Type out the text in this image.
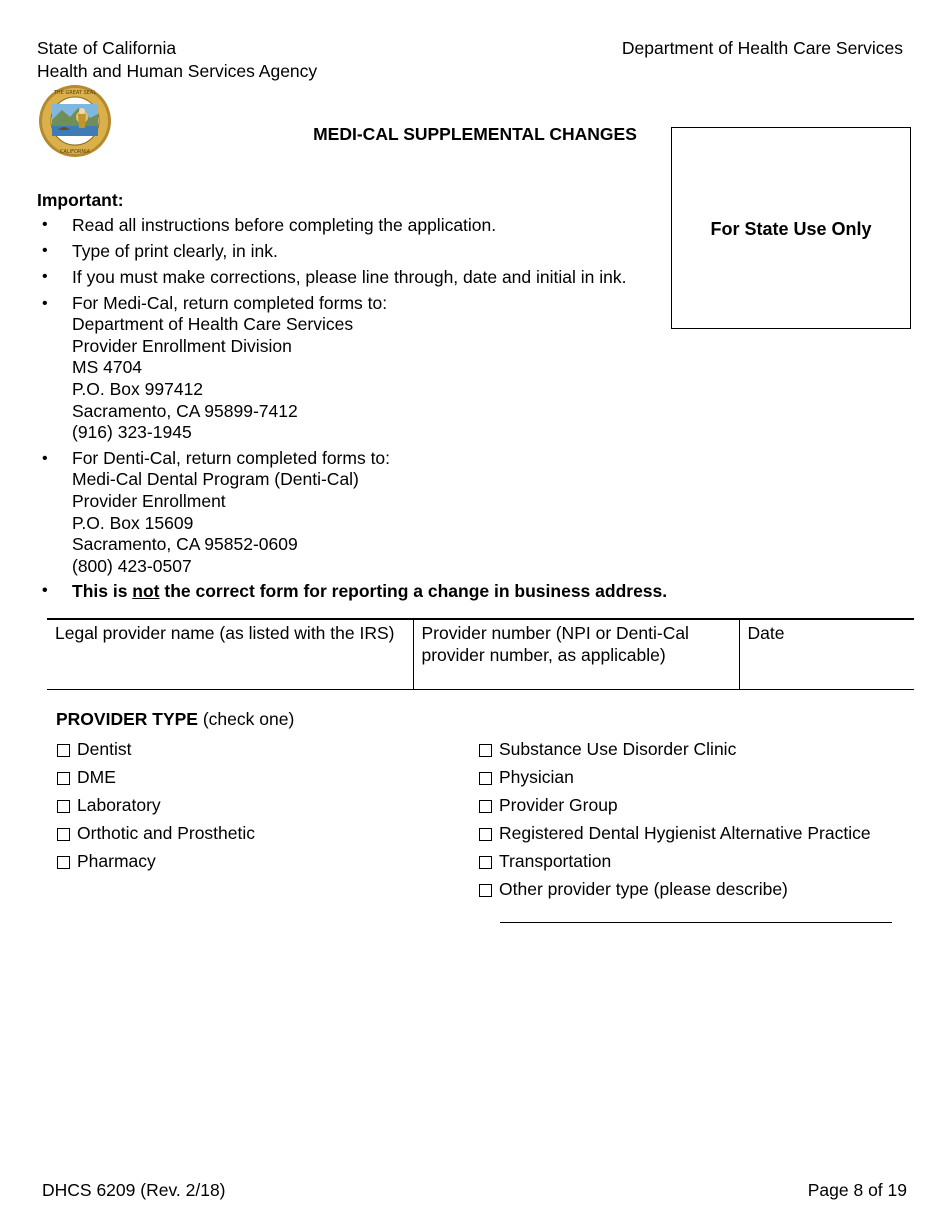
State of California
Health and Human Services Agency
Department of Health Care Services
THE GREAT SEAL
CALIFORNIA
MEDI-CAL SUPPLEMENTAL CHANGES
For State Use Only
Important:
• Read all instructions before completing the application.
• Type of print clearly, in ink.
• If you must make corrections, please line through, date and initial in ink.
• For Medi-Cal, return completed forms to:
Department of Health Care Services
Provider Enrollment Division
MS 4704
P.O. Box 997412
Sacramento, CA 95899-7412
(916) 323-1945
• For Denti-Cal, return completed forms to:
Medi-Cal Dental Program (Denti-Cal)
Provider Enrollment
P.O. Box 15609
Sacramento, CA 95852-0609
(800) 423-0507
• This is not the correct form for reporting a change in business address.
Legal provider name (as listed with the IRS)	Provider number (NPI or Denti-Cal provider number, as applicable)	Date
PROVIDER TYPE (check one)
Dentist
DME
Laboratory
Orthotic and Prosthetic
Pharmacy
Substance Use Disorder Clinic
Physician
Provider Group
Registered Dental Hygienist Alternative Practice
Transportation
Other provider type (please describe)
DHCS 6209 (Rev. 2/18)	Page 8 of 19
